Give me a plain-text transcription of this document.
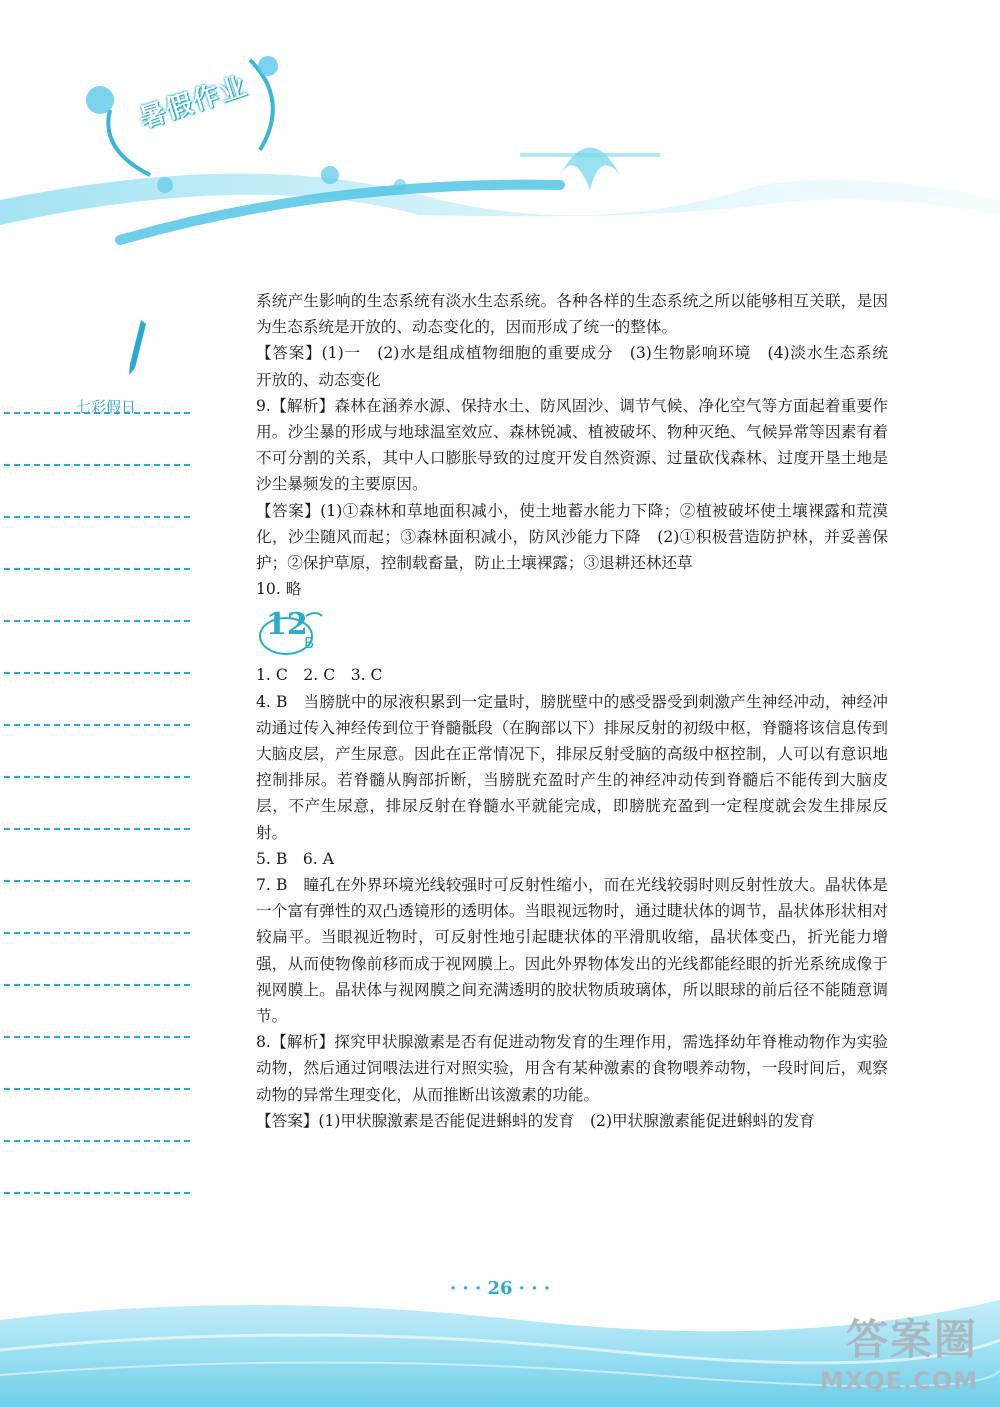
暑假作业
七彩假日

系统产生影响的生态系统有淡水生态系统。各种各样的生态系统之所以能够相互关联，是因为生态系统是开放的、动态变化的，因而形成了统一的整体。

【答案】(1)一　(2)水是组成植物细胞的重要成分　(3)生物影响环境　(4)淡水生态系统　开放的、动态变化

9.【解析】森林在涵养水源、保持水土、防风固沙、调节气候、净化空气等方面起着重要作用。沙尘暴的形成与地球温室效应、森林锐减、植被破坏、物种灭绝、气候异常等因素有着不可分割的关系，其中人口膨胀导致的过度开发自然资源、过量砍伐森林、过度开垦土地是沙尘暴频发的主要原因。

【答案】(1)①森林和草地面积减小，使土地蓄水能力下降；②植被破坏使土壤裸露和荒漠化，沙尘随风而起；③森林面积减小，防风沙能力下降　(2)①积极营造防护林，并妥善保护；②保护草原，控制载畜量，防止土壤裸露；③退耕还林还草

10. 略

12
B

1. C　2. C　3. C

4. B　当膀胱中的尿液积累到一定量时，膀胱壁中的感受器受到刺激产生神经冲动，神经冲动通过传入神经传到位于脊髓骶段（在胸部以下）排尿反射的初级中枢，脊髓将该信息传到大脑皮层，产生尿意。因此在正常情况下，排尿反射受脑的高级中枢控制，人可以有意识地控制排尿。若脊髓从胸部折断，当膀胱充盈时产生的神经冲动传到脊髓后不能传到大脑皮层，不产生尿意，排尿反射在脊髓水平就能完成，即膀胱充盈到一定程度就会发生排尿反射。

5. B　6. A

7. B　瞳孔在外界环境光线较强时可反射性缩小，而在光线较弱时则反射性放大。晶状体是一个富有弹性的双凸透镜形的透明体。当眼视远物时，通过睫状体的调节，晶状体形状相对较扁平。当眼视近物时，可反射性地引起睫状体的平滑肌收缩，晶状体变凸，折光能力增强，从而使物像前移而成于视网膜上。因此外界物体发出的光线都能经眼的折光系统成像于视网膜上。晶状体与视网膜之间充满透明的胶状物质玻璃体，所以眼球的前后径不能随意调节。

8.【解析】探究甲状腺激素是否有促进动物发育的生理作用，需选择幼年脊椎动物作为实验动物，然后通过饲喂法进行对照实验，用含有某种激素的食物喂养动物，一段时间后，观察动物的异常生理变化，从而推断出该激素的功能。

【答案】(1)甲状腺激素是否能促进蝌蚪的发育　(2)甲状腺激素能促进蝌蚪的发育

· · · 26 · · ·
答案圈
MXQE.COM
